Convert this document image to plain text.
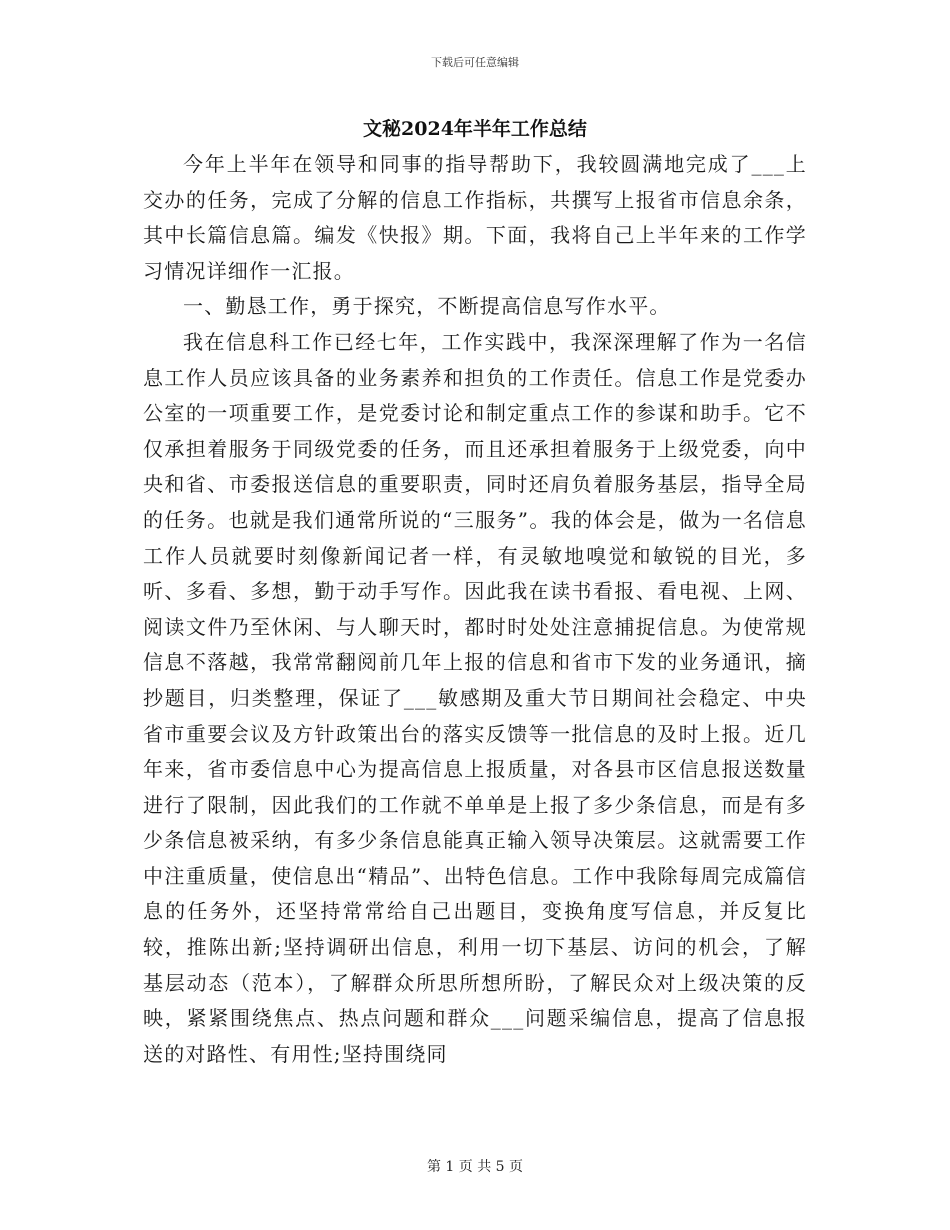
下载后可任意编辑
文秘2024年半年工作总结

今年上半年在领导和同事的指导帮助下，我较圆满地完成了___上交办的任务，完成了分解的信息工作指标，共撰写上报省市信息余条，其中长篇信息篇。编发《快报》期。下面，我将自己上半年来的工作学习情况详细作一汇报。

一、勤恳工作，勇于探究，不断提高信息写作水平。

我在信息科工作已经七年，工作实践中，我深深理解了作为一名信息工作人员应该具备的业务素养和担负的工作责任。信息工作是党委办公室的一项重要工作，是党委讨论和制定重点工作的参谋和助手。它不仅承担着服务于同级党委的任务，而且还承担着服务于上级党委，向中央和省、市委报送信息的重要职责，同时还肩负着服务基层，指导全局的任务。也就是我们通常所说的“三服务”。我的体会是，做为一名信息工作人员就要时刻像新闻记者一样，有灵敏地嗅觉和敏锐的目光，多听、多看、多想，勤于动手写作。因此我在读书看报、看电视、上网、阅读文件乃至休闲、与人聊天时，都时时处处注意捕捉信息。为使常规信息不落越，我常常翻阅前几年上报的信息和省市下发的业务通讯，摘抄题目，归类整理，保证了___敏感期及重大节日期间社会稳定、中央省市重要会议及方针政策出台的落实反馈等一批信息的及时上报。近几年来，省市委信息中心为提高信息上报质量，对各县市区信息报送数量进行了限制，因此我们的工作就不单单是上报了多少条信息，而是有多少条信息被采纳，有多少条信息能真正输入领导决策层。这就需要工作中注重质量，使信息出“精品”、出特色信息。工作中我除每周完成篇信息的任务外，还坚持常常给自己出题目，变换角度写信息，并反复比较，推陈出新;坚持调研出信息，利用一切下基层、访问的机会，了解基层动态（范本），了解群众所思所想所盼，了解民众对上级决策的反映，紧紧围绕焦点、热点问题和群众___问题采编信息，提高了信息报送的对路性、有用性;坚持围绕同

第 1 页 共 5 页
